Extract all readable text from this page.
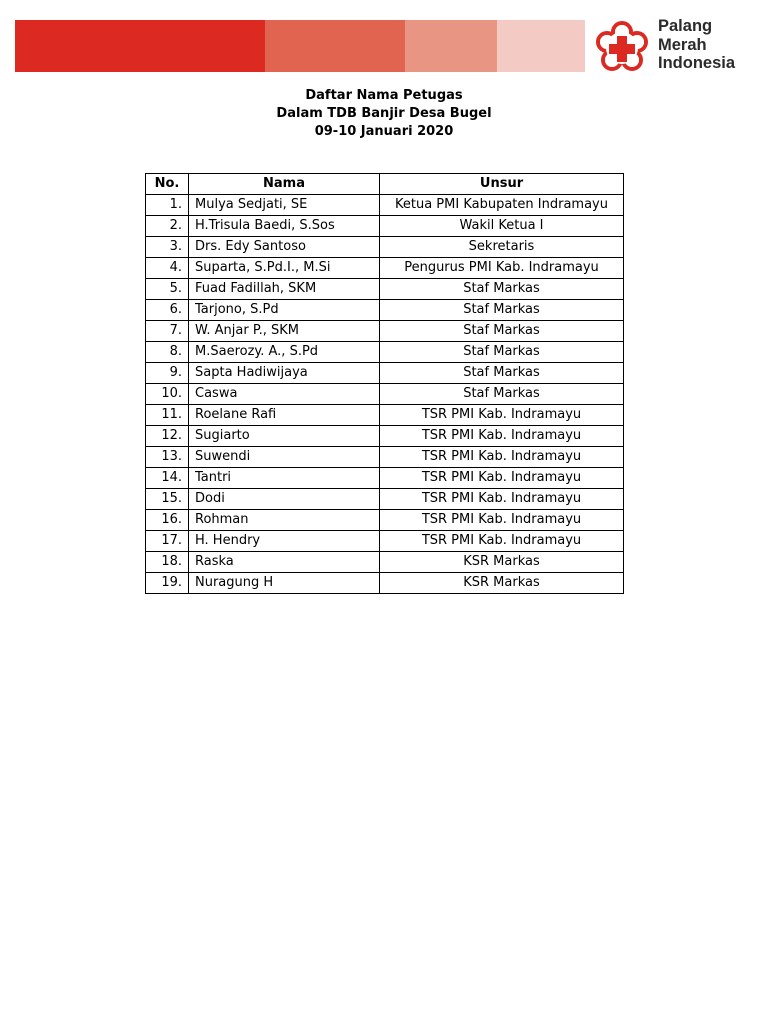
Palang
Merah
Indonesia
Daftar Nama Petugas
Dalam TDB Banjir Desa Bugel
09-10 Januari 2020
No.	Nama	Unsur
1.	Mulya Sedjati, SE	Ketua PMI Kabupaten Indramayu
2.	H.Trisula Baedi, S.Sos	Wakil Ketua I
3.	Drs. Edy Santoso	Sekretaris
4.	Suparta, S.Pd.I., M.Si	Pengurus PMI Kab. Indramayu
5.	Fuad Fadillah, SKM	Staf Markas
6.	Tarjono, S.Pd	Staf Markas
7.	W. Anjar P., SKM	Staf Markas
8.	M.Saerozy. A., S.Pd	Staf Markas
9.	Sapta Hadiwijaya	Staf Markas
10.	Caswa	Staf Markas
11.	Roelane Rafi	TSR PMI Kab. Indramayu
12.	Sugiarto	TSR PMI Kab. Indramayu
13.	Suwendi	TSR PMI Kab. Indramayu
14.	Tantri	TSR PMI Kab. Indramayu
15.	Dodi	TSR PMI Kab. Indramayu
16.	Rohman	TSR PMI Kab. Indramayu
17.	H. Hendry	TSR PMI Kab. Indramayu
18.	Raska	KSR Markas
19.	Nuragung H	KSR Markas
